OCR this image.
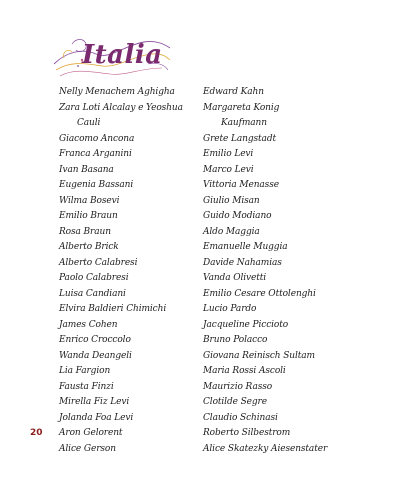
Italia
Nelly Menachem Aghigha
Zara Loti Alcalay e Yeoshua
Cauli
Giacomo Ancona
Franca Arganini
Ivan Basana
Eugenia Bassani
Wilma Bosevi
Emilio Braun
Rosa Braun
Alberto Brick
Alberto Calabresi
Paolo Calabresi
Luisa Candiani
Elvira Baldieri Chimichi
James Cohen
Enrico Croccolo
Wanda Deangeli
Lia Fargion
Fausta Finzi
Mirella Fiz Levi
Jolanda Foa Levi
Aron Gelorent
Alice Gerson
Edward Kahn
Margareta Konig
Kaufmann
Grete Langstadt
Emilio Levi
Marco Levi
Vittoria Menasse
Giulio Misan
Guido Modiano
Aldo Maggia
Emanuelle Muggia
Davide Nahamias
Vanda Olivetti
Emilio Cesare Ottolenghi
Lucio Pardo
Jacqueline Piccioto
Bruno Polacco
Giovana Reinisch Sultam
Maria Rossi Ascoli
Maurizio Rasso
Clotilde Segre
Claudio Schinasi
Roberto Silbestrom
Alice Skatezky Aiesenstater
20
